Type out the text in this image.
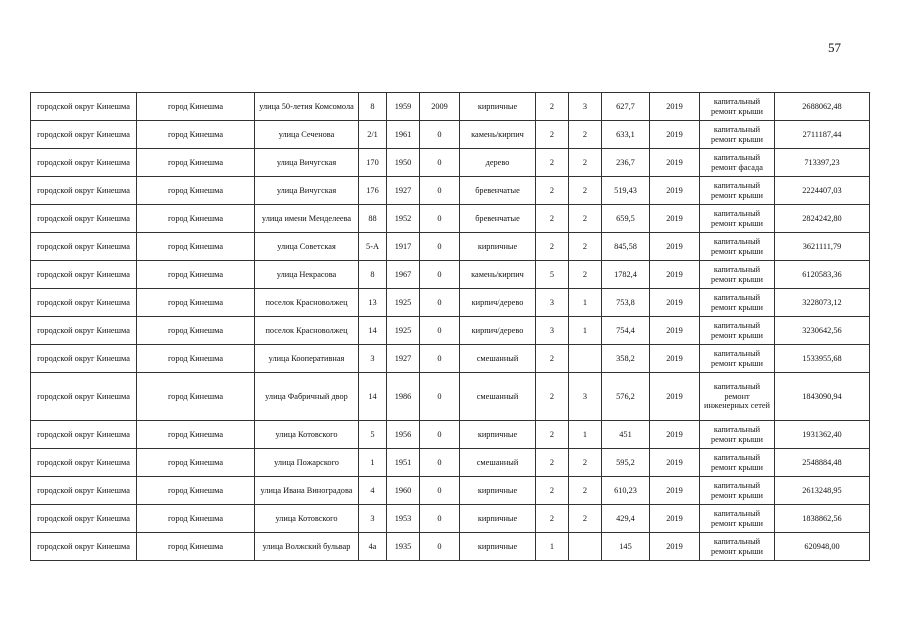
57
городской округ Кинешма	город Кинешма	улица 50-летия Комсомола	8	1959	2009	кирпичные	2	3	627,7	2019	капитальный ремонт крыши	2688062,48
городской округ Кинешма	город Кинешма	улица Сеченова	2/1	1961	0	камень/кирпич	2	2	633,1	2019	капитальный ремонт крыши	2711187,44
городской округ Кинешма	город Кинешма	улица Вичугская	170	1950	0	дерево	2	2	236,7	2019	капитальный ремонт фасада	713397,23
городской округ Кинешма	город Кинешма	улица Вичугская	176	1927	0	бревенчатые	2	2	519,43	2019	капитальный ремонт крыши	2224407,03
городской округ Кинешма	город Кинешма	улица имени Менделеева	88	1952	0	бревенчатые	2	2	659,5	2019	капитальный ремонт крыши	2824242,80
городской округ Кинешма	город Кинешма	улица Советская	5-А	1917	0	кирпичные	2	2	845,58	2019	капитальный ремонт крыши	3621111,79
городской округ Кинешма	город Кинешма	улица Некрасова	8	1967	0	камень/кирпич	5	2	1782,4	2019	капитальный ремонт крыши	6120583,36
городской округ Кинешма	город Кинешма	поселок Красноволжец	13	1925	0	кирпич/дерево	3	1	753,8	2019	капитальный ремонт крыши	3228073,12
городской округ Кинешма	город Кинешма	поселок Красноволжец	14	1925	0	кирпич/дерево	3	1	754,4	2019	капитальный ремонт крыши	3230642,56
городской округ Кинешма	город Кинешма	улица Кооперативная	3	1927	0	смешанный	2		358,2	2019	капитальный ремонт крыши	1533955,68
городской округ Кинешма	город Кинешма	улица Фабричный двор	14	1986	0	смешанный	2	3	576,2	2019	капитальный ремонт инженерных сетей	1843090,94
городской округ Кинешма	город Кинешма	улица Котовского	5	1956	0	кирпичные	2	1	451	2019	капитальный ремонт крыши	1931362,40
городской округ Кинешма	город Кинешма	улица Пожарского	1	1951	0	смешанный	2	2	595,2	2019	капитальный ремонт крыши	2548884,48
городской округ Кинешма	город Кинешма	улица Ивана Виноградова	4	1960	0	кирпичные	2	2	610,23	2019	капитальный ремонт крыши	2613248,95
городской округ Кинешма	город Кинешма	улица Котовского	3	1953	0	кирпичные	2	2	429,4	2019	капитальный ремонт крыши	1838862,56
городской округ Кинешма	город Кинешма	улица Волжский бульвар	4а	1935	0	кирпичные	1		145	2019	капитальный ремонт крыши	620948,00
